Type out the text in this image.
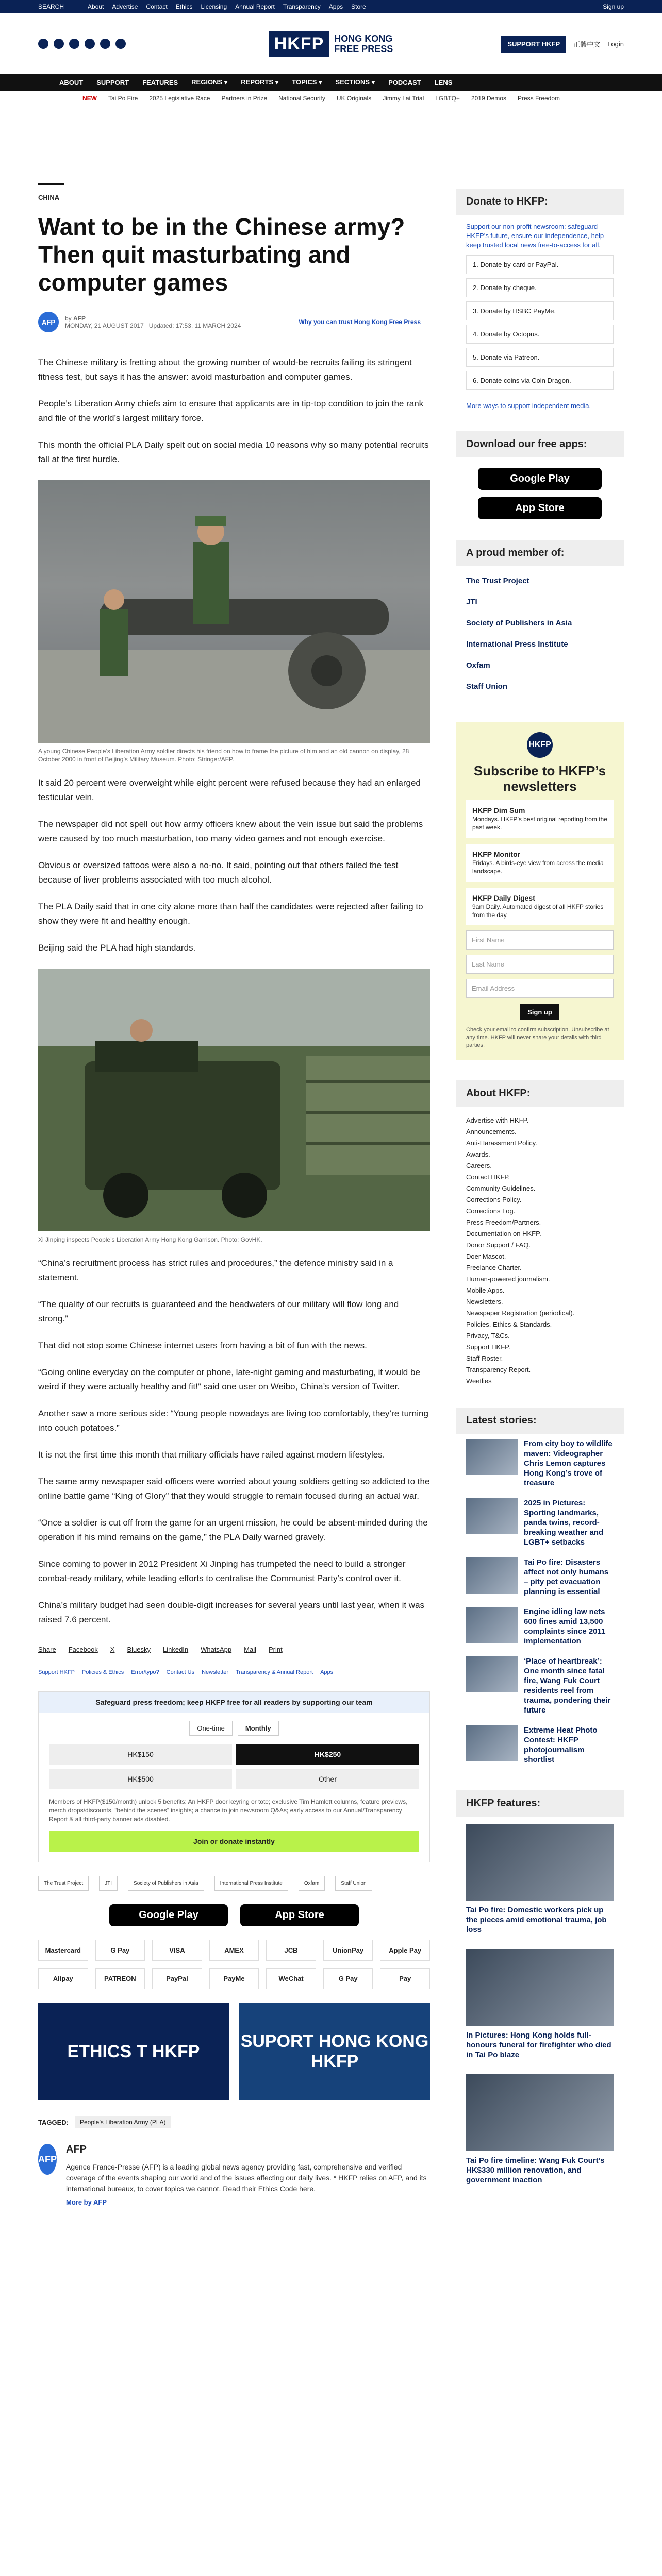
SEARCH	About Advertise Contact Ethics Licensing Annual Report Transparency Apps Store	Sign up
HKFP	HONG KONG
FREE PRESS	SUPPORT HKFP	正體中文 Login
ABOUT SUPPORT FEATURES REGIONS ▾ REPORTS ▾ TOPICS ▾ SECTIONS ▾ PODCAST LENS
NEW Tai Po Fire 2025 Legislative Race Partners in Prize National Security UK Originals Jimmy Lai Trial LGBTQ+ 2019 Demos Press Freedom
CHINA
Want to be in the Chinese army? Then quit masturbating and computer games
AFP	by AFP
MONDAY, 21 AUGUST 2017 Updated: 17:53, 11 MARCH 2024	Why you can trust Hong Kong Free Press

The Chinese military is fretting about the growing number of would-be recruits failing its stringent fitness test, but says it has the answer: avoid masturbation and computer games.

People’s Liberation Army chiefs aim to ensure that applicants are in tip-top condition to join the rank and file of the world’s largest military force.

This month the official PLA Daily spelt out on social media 10 reasons why so many potential recruits fall at the first hurdle.

A young Chinese People’s Liberation Army soldier directs his friend on how to frame the picture of him and an old cannon on display, 28 October 2000 in front of Beijing’s Military Museum. Photo: Stringer/AFP.

It said 20 percent were overweight while eight percent were refused because they had an enlarged testicular vein.

The newspaper did not spell out how army officers knew about the vein issue but said the problems were caused by too much masturbation, too many video games and not enough exercise.

Obvious or oversized tattoos were also a no-no. It said, pointing out that others failed the test because of liver problems associated with too much alcohol.

The PLA Daily said that in one city alone more than half the candidates were rejected after failing to show they were fit and healthy enough.

Beijing said the PLA had high standards.

Xi Jinping inspects People’s Liberation Army Hong Kong Garrison. Photo: GovHK.

“China’s recruitment process has strict rules and procedures,” the defence ministry said in a statement.

“The quality of our recruits is guaranteed and the headwaters of our military will flow long and strong.”

That did not stop some Chinese internet users from having a bit of fun with the news.

“Going online everyday on the computer or phone, late-night gaming and masturbating, it would be weird if they were actually healthy and fit!” said one user on Weibo, China’s version of Twitter.

Another saw a more serious side: “Young people nowadays are living too comfortably, they’re turning into couch potatoes.”

It is not the first time this month that military officials have railed against modern lifestyles.

The same army newspaper said officers were worried about young soldiers getting so addicted to the online battle game “King of Glory” that they would struggle to remain focused during an actual war.

“Once a soldier is cut off from the game for an urgent mission, he could be absent-minded during the operation if his mind remains on the game,” the PLA Daily warned gravely.

Since coming to power in 2012 President Xi Jinping has trumpeted the need to build a stronger combat-ready military, while leading efforts to centralise the Communist Party’s control over it.

China’s military budget had seen double-digit increases for several years until last year, when it was raised 7.6 percent.

Share Facebook X Bluesky LinkedIn WhatsApp Mail Print
Support HKFP Policies & Ethics Error/typo? Contact Us Newsletter Transparency & Annual Report Apps
Safeguard press freedom; keep HKFP free for all readers by supporting our team
One-time	Monthly
HK$150	HK$250
HK$500	Other
Members of HKFP($150/month) unlock 5 benefits: An HKFP door keyring or tote; exclusive Tim Hamlett columns, feature previews, merch drops/discounts, “behind the scenes” insights; a chance to join newsroom Q&As; early access to our Annual/Transparency Report & all third-party banner ads disabled.
Join or donate instantly
The Trust Project	JTI	Society of Publishers in Asia	International Press Institute	Oxfam	Staff Union
Google Play	App Store
Mastercard	G Pay	VISA	AMEX	JCB	UnionPay	Apple Pay
Alipay	PATREON	PayPal	PayMe	WeChat	G Pay	Pay
ETHICS T HKFP
SUPORT HONG KONG HKFP
TAGGED:	People’s Liberation Army (PLA)
AFP
AFP
Agence France-Presse (AFP) is a leading global news agency providing fast, comprehensive and verified coverage of the events shaping our world and of the issues affecting our daily lives. * HKFP relies on AFP, and its international bureaux, to cover topics we cannot. Read their Ethics Code here.
More by AFP
Donate to HKFP:
Support our non-profit newsroom: safeguard HKFP’s future, ensure our independence, help keep trusted local news free-to-access for all.
1. Donate by card or PayPal.
2. Donate by cheque.
3. Donate by HSBC PayMe.
4. Donate by Octopus.
5. Donate via Patreon.
6. Donate coins via Coin Dragon.
More ways to support independent media.
Download our free apps:
Google Play
App Store
A proud member of:
The Trust Project
JTI
Society of Publishers in Asia
International Press Institute
Oxfam
Staff Union
HKFP
Subscribe to HKFP’s newsletters
HKFP Dim Sum
Mondays. HKFP’s best original reporting from the past week.
HKFP Monitor
Fridays. A birds-eye view from across the media landscape.
HKFP Daily Digest
9am Daily. Automated digest of all HKFP stories from the day.
First Name
Last Name
Email Address
Sign up
Check your email to confirm subscription. Unsubscribe at any time. HKFP will never share your details with third parties.
About HKFP:
Advertise with HKFP.
Announcements.
Anti-Harassment Policy.
Awards.
Careers.
Contact HKFP.
Community Guidelines.
Corrections Policy.
Corrections Log.
Press Freedom/Partners.
Documentation on HKFP.
Donor Support / FAQ.
Doer Mascot.
Freelance Charter.
Human-powered journalism.
Mobile Apps.
Newsletters.
Newspaper Registration (periodical).
Policies, Ethics & Standards.
Privacy, T&Cs.
Support HKFP.
Staff Roster.
Transparency Report.
Weetlies
Latest stories:
From city boy to wildlife maven: Videographer Chris Lemon captures Hong Kong’s trove of treasure
2025 in Pictures: Sporting landmarks, panda twins, record-breaking weather and LGBT+ setbacks
Tai Po fire: Disasters affect not only humans – pity pet evacuation planning is essential
Engine idling law nets 600 fines amid 13,500 complaints since 2011 implementation
‘Place of heartbreak’: One month since fatal fire, Wang Fuk Court residents reel from trauma, pondering their future
Extreme Heat Photo Contest: HKFP photojournalism shortlist
HKFP features:
Tai Po fire: Domestic workers pick up the pieces amid emotional trauma, job loss
In Pictures: Hong Kong holds full-honours funeral for firefighter who died in Tai Po blaze
Tai Po fire timeline: Wang Fuk Court’s HK$330 million renovation, and government inaction
